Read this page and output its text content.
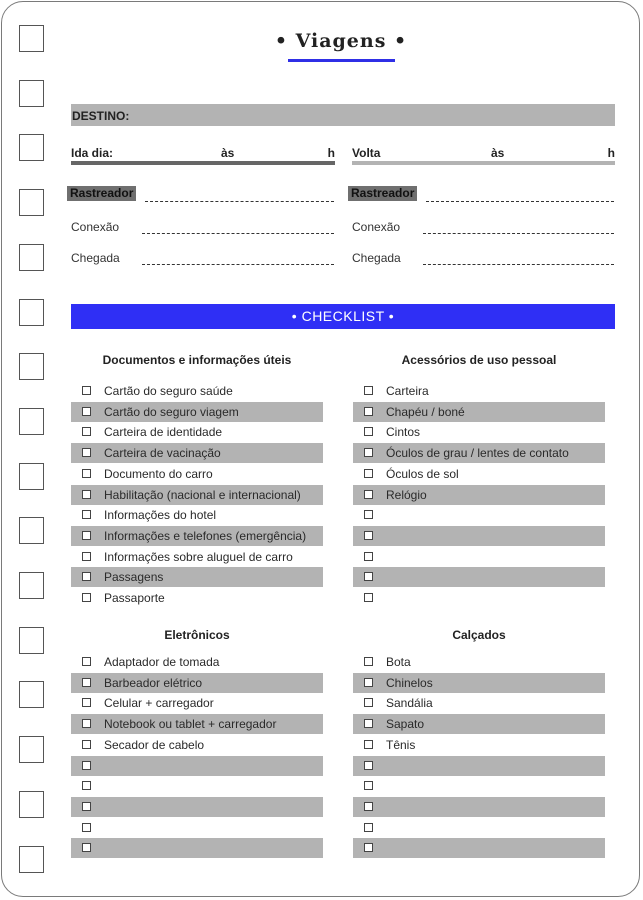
• Viagens •
DESTINO:
Ida dia:	às	h Volta	às	h
Rastreador
Conexão
Chegada
Rastreador
Conexão
Chegada
• CHECKLIST •
Documentos e informações úteis
Cartão do seguro saúde
Cartão do seguro viagem
Carteira de identidade
Carteira de vacinação
Documento do carro
Habilitação (nacional e internacional)
Informações do hotel
Informações e telefones (emergência)
Informações sobre aluguel de carro
Passagens
Passaporte
Acessórios de uso pessoal
Carteira
Chapéu / boné
Cintos
Óculos de grau / lentes de contato
Óculos de sol
Relógio
Eletrônicos
Adaptador de tomada
Barbeador elétrico
Celular + carregador
Notebook ou tablet + carregador
Secador de cabelo
Calçados
Bota
Chinelos
Sandália
Sapato
Tênis
